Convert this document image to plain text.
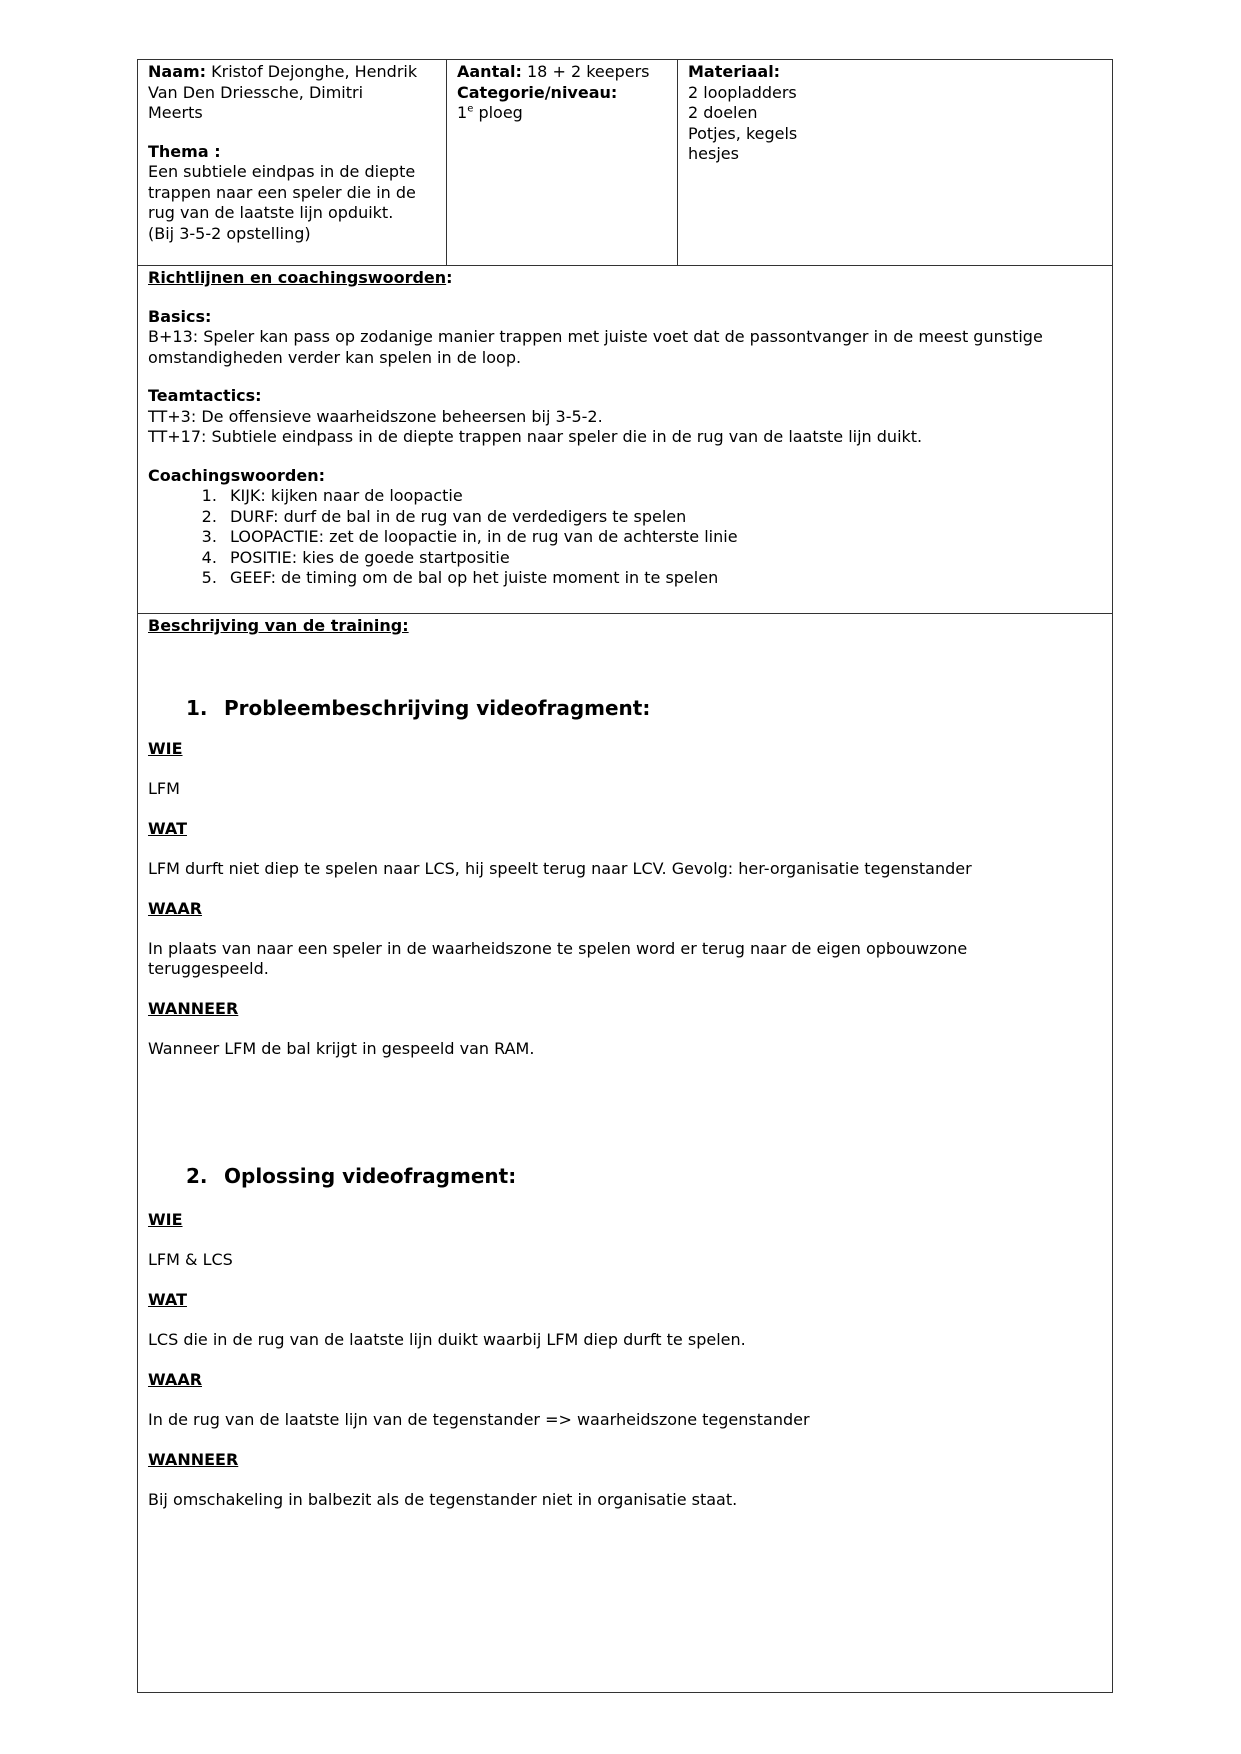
Naam: Kristof Dejonghe, Hendrik
Van Den Driessche, Dimitri
Meerts
Thema :
Een subtiele eindpas in de diepte
trappen naar een speler die in de
rug van de laatste lijn opduikt.
(Bij 3-5-2 opstelling)
Aantal: 18 + 2 keepers
Categorie/niveau:
1e ploeg
Materiaal:
2 loopladders
2 doelen
Potjes, kegels
hesjes
Richtlijnen en coachingswoorden:
Basics:
B+13: Speler kan pass op zodanige manier trappen met juiste voet dat de passontvanger in de meest gunstige
omstandigheden verder kan spelen in de loop.
Teamtactics:
TT+3: De offensieve waarheidszone beheersen bij 3-5-2.
TT+17: Subtiele eindpass in de diepte trappen naar speler die in de rug van de laatste lijn duikt.
Coachingswoorden:
1. KIJK: kijken naar de loopactie
2. DURF: durf de bal in de rug van de verdedigers te spelen
3. LOOPACTIE: zet de loopactie in, in de rug van de achterste linie
4. POSITIE: kies de goede startpositie
5. GEEF: de timing om de bal op het juiste moment in te spelen
Beschrijving van de training:
1. Probleembeschrijving videofragment:
WIE
LFM
WAT
LFM durft niet diep te spelen naar LCS, hij speelt terug naar LCV. Gevolg: her-organisatie tegenstander
WAAR
In plaats van naar een speler in de waarheidszone te spelen word er terug naar de eigen opbouwzone
teruggespeeld.
WANNEER
Wanneer LFM de bal krijgt in gespeeld van RAM.
2. Oplossing videofragment:
WIE
LFM & LCS
WAT
LCS die in de rug van de laatste lijn duikt waarbij LFM diep durft te spelen.
WAAR
In de rug van de laatste lijn van de tegenstander => waarheidszone tegenstander
WANNEER
Bij omschakeling in balbezit als de tegenstander niet in organisatie staat.
